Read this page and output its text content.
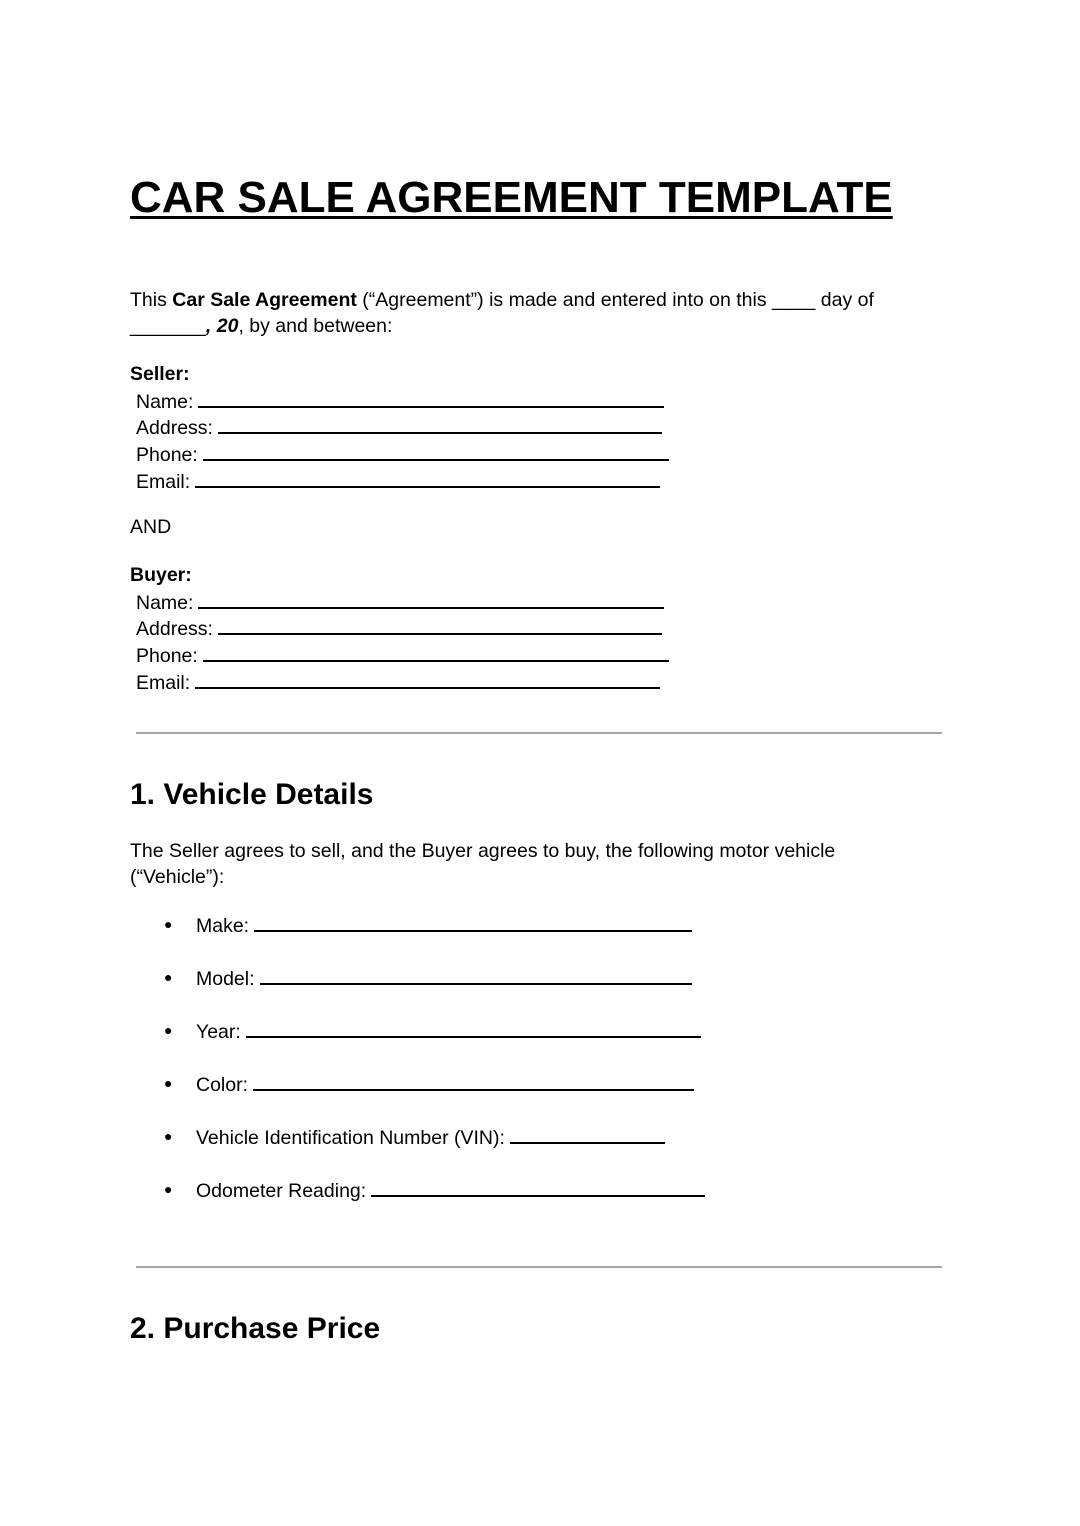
CAR SALE AGREEMENT TEMPLATE
This Car Sale Agreement (“Agreement”) is made and entered into on this ____ day of
_______, 20, by and between:
Seller:
Name:
Address:
Phone:
Email:
AND
Buyer:
Name:
Address:
Phone:
Email:
1. Vehicle Details
The Seller agrees to sell, and the Buyer agrees to buy, the following motor vehicle
(“Vehicle”):
● Make:
● Model:
● Year:
● Color:
● Vehicle Identification Number (VIN):
● Odometer Reading:
2. Purchase Price
